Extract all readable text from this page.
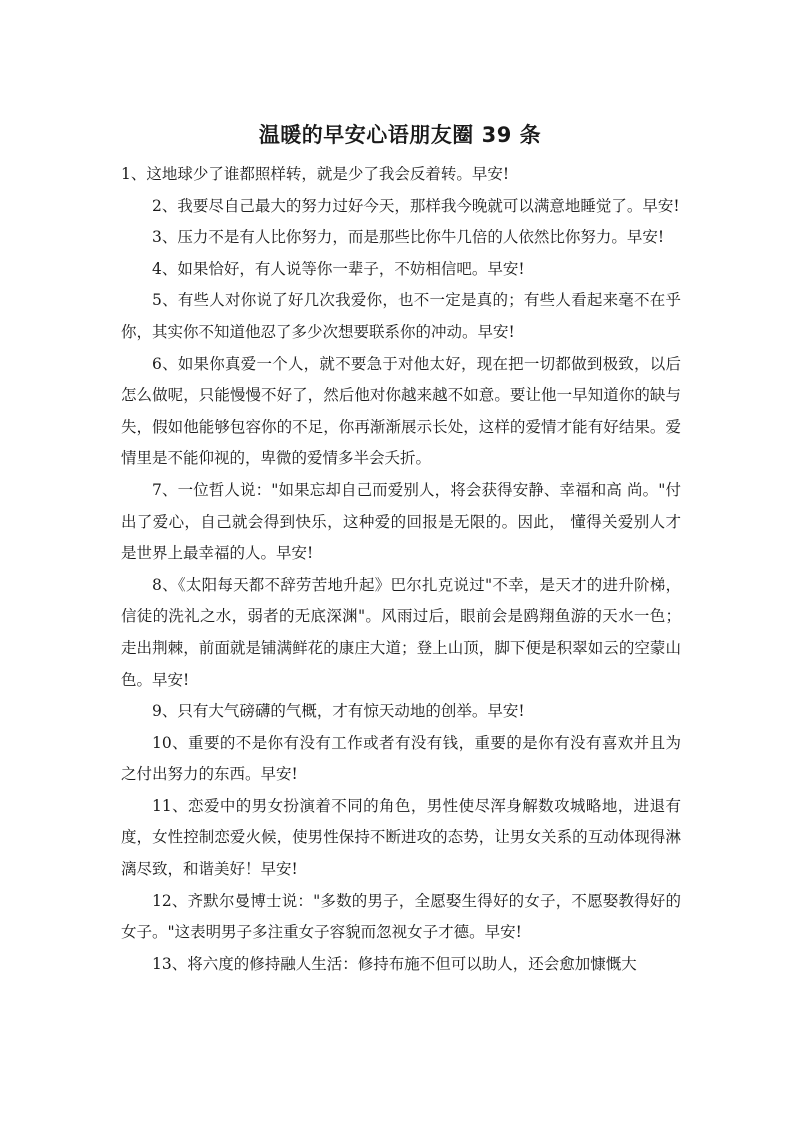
温暖的早安心语朋友圈 39 条

1、这地球少了谁都照样转，就是少了我会反着转。早安!

2、我要尽自己最大的努力过好今天，那样我今晚就可以满意地睡觉了。早安!

3、压力不是有人比你努力，而是那些比你牛几倍的人依然比你努力。早安!

4、如果恰好，有人说等你一辈子，不妨相信吧。早安!

5、有些人对你说了好几次我爱你，也不一定是真的；有些人看起来毫不在乎你，其实你不知道他忍了多少次想要联系你的冲动。早安!

6、如果你真爱一个人，就不要急于对他太好，现在把一切都做到极致，以后怎么做呢，只能慢慢不好了，然后他对你越来越不如意。要让他一早知道你的缺与失，假如他能够包容你的不足，你再渐渐展示长处，这样的爱情才能有好结果。爱情里是不能仰视的，卑微的爱情多半会夭折。

7、一位哲人说："如果忘却自己而爱别人，将会获得安静、幸福和高 尚。"付出了爱心，自己就会得到快乐，这种爱的回报是无限的。因此， 懂得关爱别人才是世界上最幸福的人。早安!

8、《太阳每天都不辞劳苦地升起》巴尔扎克说过"不幸，是天才的进升阶梯，信徒的洗礼之水，弱者的无底深渊"。风雨过后，眼前会是鸥翔鱼游的天水一色；走出荆棘，前面就是铺满鲜花的康庄大道；登上山顶，脚下便是积翠如云的空蒙山色。早安!

9、只有大气磅礴的气概，才有惊天动地的创举。早安!

10、重要的不是你有没有工作或者有没有钱，重要的是你有没有喜欢并且为之付出努力的东西。早安!

11、恋爱中的男女扮演着不同的角色，男性使尽浑身解数攻城略地，进退有度，女性控制恋爱火候，使男性保持不断进攻的态势，让男女关系的互动体现得淋漓尽致，和谐美好！早安!

12、齐默尔曼博士说："多数的男子，全愿娶生得好的女子，不愿娶教得好的女子。"这表明男子多注重女子容貌而忽视女子才德。早安!

13、将六度的修持融人生活：修持布施不但可以助人，还会愈加慷慨大
